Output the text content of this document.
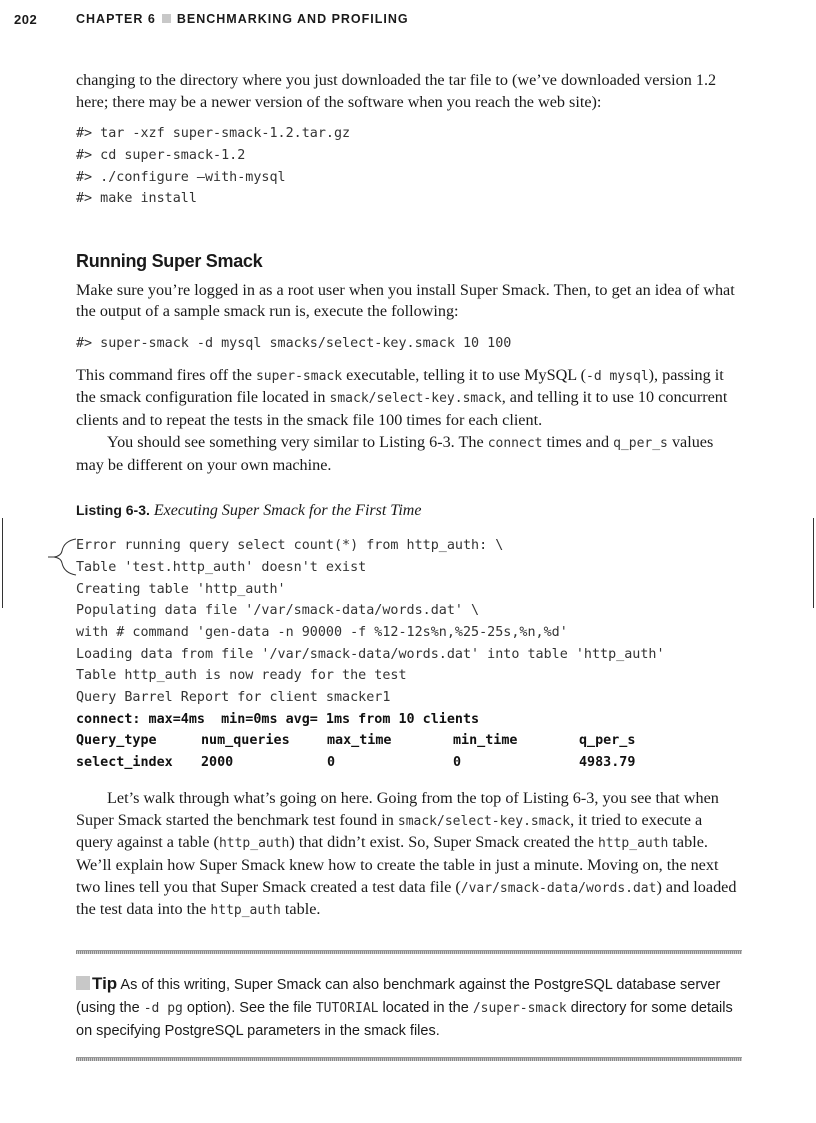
202	CHAPTER 6 BENCHMARKING AND PROFILING

changing to the directory where you just downloaded the tar file to (we’ve downloaded version 1.2 here; there may be a newer version of the software when you reach the web site):

#> tar -xzf super-smack-1.2.tar.gz
#> cd super-smack-1.2
#> ./configure –with-mysql
#> make install
Running Super Smack

Make sure you’re logged in as a root user when you install Super Smack. Then, to get an idea of what the output of a sample smack run is, execute the following:

#> super-smack -d mysql smacks/select-key.smack 10 100

This command fires off the super-smack executable, telling it to use MySQL (-d mysql), passing it the smack configuration file located in smack/select-key.smack, and telling it to use 10 concurrent clients and to repeat the tests in the smack file 100 times for each client.

You should see something very similar to Listing 6-3. The connect times and q_per_s values may be different on your own machine.

Listing 6-3. Executing Super Smack for the First Time
Error running query select count(*) from http_auth: \
Table 'test.http_auth' doesn't exist
Creating table 'http_auth'
Populating data file '/var/smack-data/words.dat' \
with # command 'gen-data -n 90000 -f %12-12s%n,%25-25s,%n,%d'
Loading data from file '/var/smack-data/words.dat' into table 'http_auth'
Table http_auth is now ready for the test
Query Barrel Report for client smacker1
connect: max=4ms  min=0ms avg= 1ms from 10 clients
Query_type	num_queries	max_time	min_time	q_per_s
select_index	2000	0	0	4983.79

Let’s walk through what’s going on here. Going from the top of Listing 6-3, you see that when Super Smack started the benchmark test found in smack/select-key.smack, it tried to execute a query against a table (http_auth) that didn’t exist. So, Super Smack created the http_auth table. We’ll explain how Super Smack knew how to create the table in just a minute. Moving on, the next two lines tell you that Super Smack created a test data file (/var/smack-data/words.dat) and loaded the test data into the http_auth table.

Tip As of this writing, Super Smack can also benchmark against the PostgreSQL database server (using the -d pg option). See the file TUTORIAL located in the /super-smack directory for some details on specifying PostgreSQL parameters in the smack files.
